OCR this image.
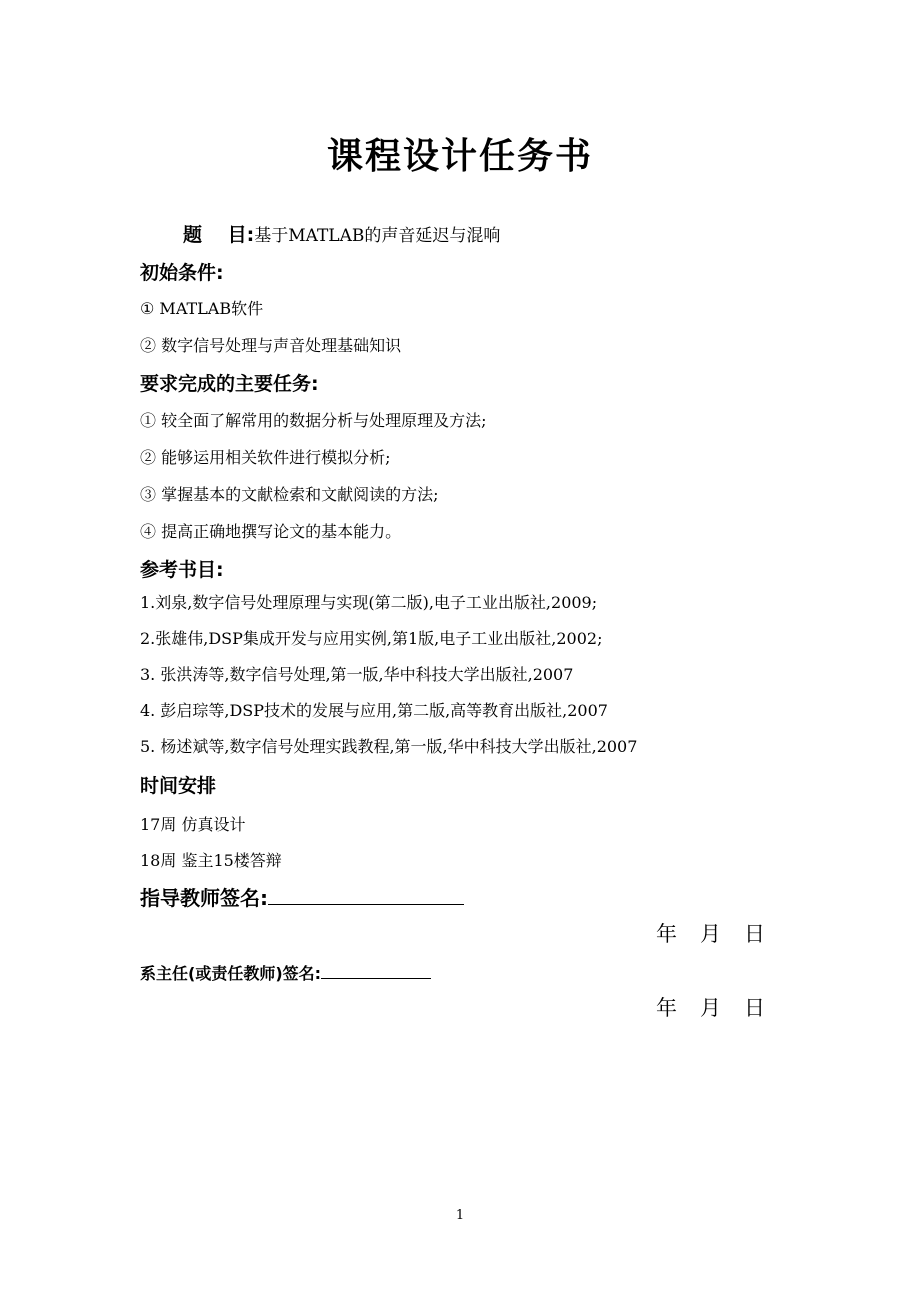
课程设计任务书
题　 目:基于MATLAB的声音延迟与混响
初始条件:
① MATLAB软件
② 数字信号处理与声音处理基础知识
要求完成的主要任务:
① 较全面了解常用的数据分析与处理原理及方法;
② 能够运用相关软件进行模拟分析;
③ 掌握基本的文献检索和文献阅读的方法;
④ 提高正确地撰写论文的基本能力。
参考书目:
1.刘泉,数字信号处理原理与实现(第二版),电子工业出版社,2009;
2.张雄伟,DSP集成开发与应用实例,第1版,电子工业出版社,2002;
3. 张洪涛等,数字信号处理,第一版,华中科技大学出版社,2007
4. 彭启琮等,DSP技术的发展与应用,第二版,高等教育出版社,2007
5. 杨述斌等,数字信号处理实践教程,第一版,华中科技大学出版社,2007
时间安排
17周 仿真设计
18周 鉴主15楼答辩
指导教师签名:
年 月 日
系主任(或责任教师)签名:
年 月 日
1
